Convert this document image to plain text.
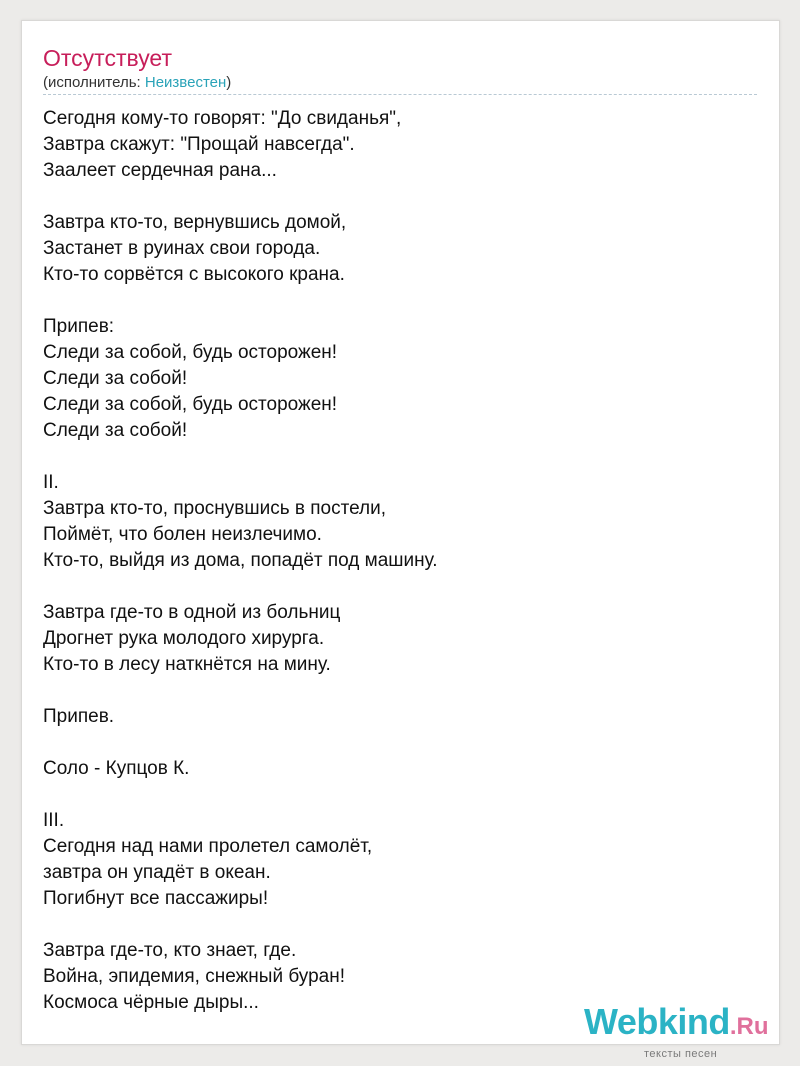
Отсутствует
(исполнитель: Неизвестен)
Сегодня кому-то говорят: "До свиданья",
Завтра скажут: "Прощай навсегда".
Заалеет сердечная рана...
Завтра кто-то, вернувшись домой,
Застанет в руинах свои города.
Кто-то сорвётся с высокого крана.
Припев:
Следи за собой, будь осторожен!
Следи за собой!
Следи за собой, будь осторожен!
Следи за собой!
II.
Завтра кто-то, проснувшись в постели,
Поймёт, что болен неизлечимо.
Кто-то, выйдя из дома, попадёт под машину.
Завтра где-то в одной из больниц
Дрогнет рука молодого хирурга.
Кто-то в лесу наткнётся на мину.
Припев.
Соло - Купцов К.
III.
Сегодня над нами пролетел самолёт,
завтра он упадёт в океан.
Погибнут все пассажиры!
Завтра где-то, кто знает, где.
Война, эпидемия, снежный буран!
Космоса чёрные дыры...	Webkind.Ru
тексты песен
